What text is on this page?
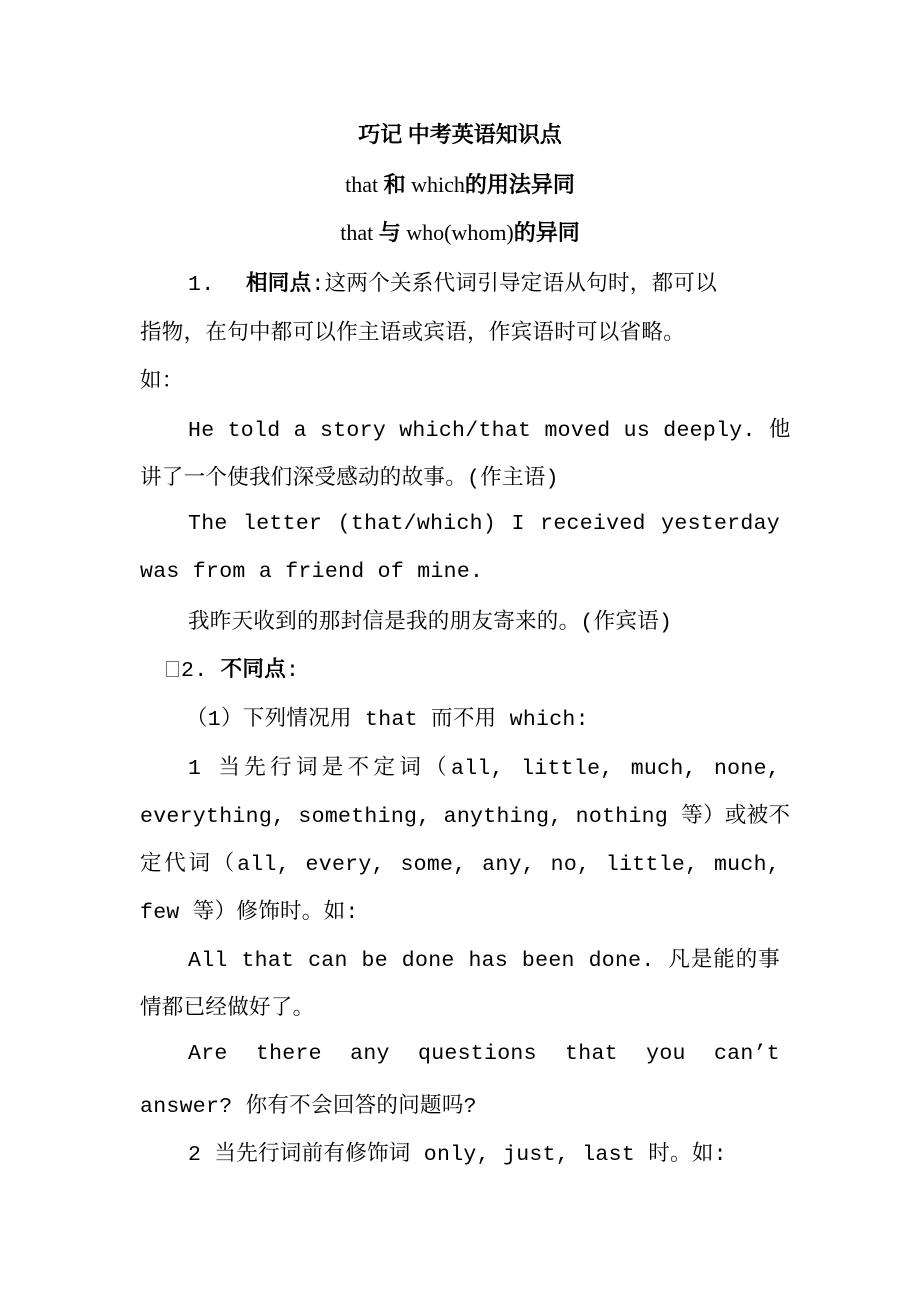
巧记 中考英语知识点
that 和 which的用法异同
that 与 who(whom)的异同
1. 相同点:这两个关系代词引导定语从句时，都可以
指物，在句中都可以作主语或宾语，作宾语时可以省略。
如：
He told a story which/that moved us deeply. 他
讲了一个使我们深受感动的故事。(作主语)
The letter (that/which) I received yesterday
was from a friend of mine.
我昨天收到的那封信是我的朋友寄来的。(作宾语)
2. 不同点:
（1）下列情况用 that 而不用 which:
1 当先行词是不定词（all, little, much, none,
everything, something, anything, nothing 等）或被不
定代词（all, every, some, any, no, little, much,
few 等）修饰时。如:
All that can be done has been done. 凡是能的事
情都已经做好了。
Are there any questions that you can’t
answer? 你有不会回答的问题吗?
2 当先行词前有修饰词 only, just, last 时。如:
